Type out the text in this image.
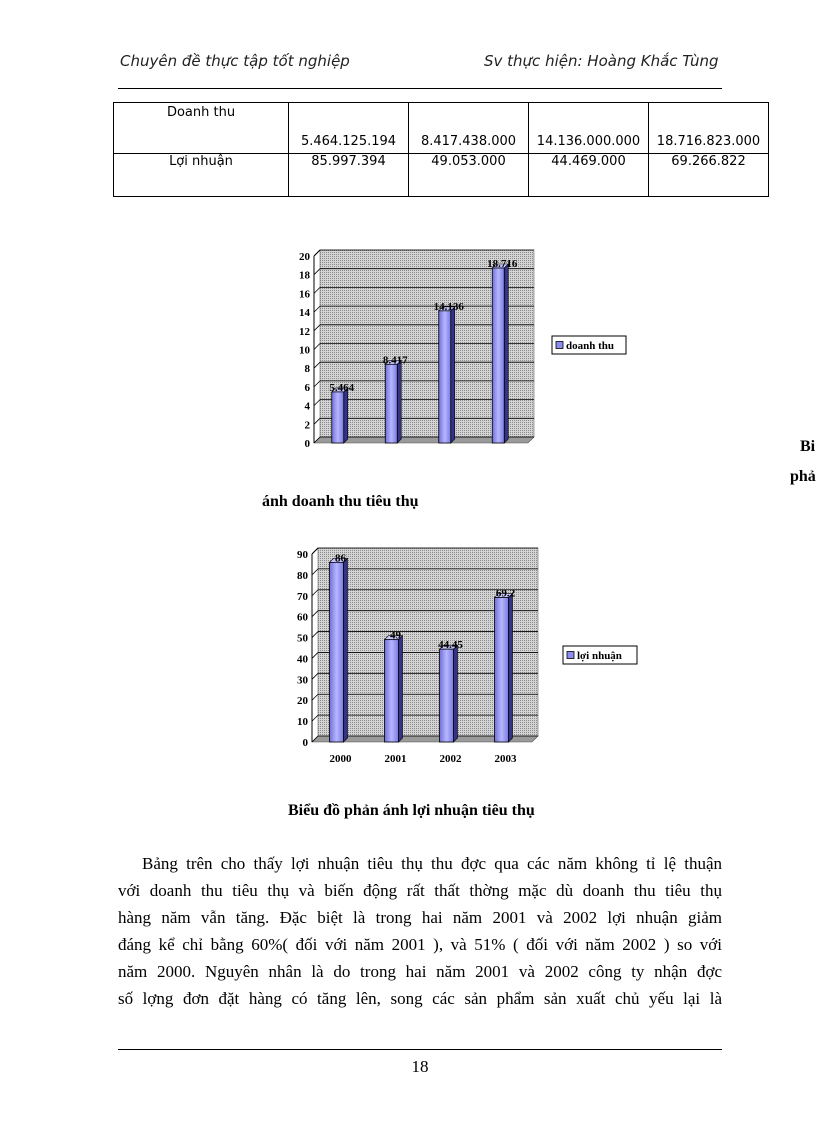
Chuyên đề thực tập tốt nghiệp	Sv thực hiện: Hoàng Khắc Tùng
Doanh thu	5.464.125.194	8.417.438.000	14.136.000.000	18.716.823.000
Lợi nhuận	85.997.394	49.053.000	44.469.000	69.266.822
0
2
4
6
8
10
12
14
16
18
20
5.464
8.417
14.136
18.716
doanh thu
ánh doanh thu tiêu thụ
Bi
phả
0
10
20
30
40
50
60
70
80
90 86
2000
49
2001
44.45
2002
69.2
2003
lợi nhuận
Biểu đồ phản ánh lợi nhuận tiêu thụ
Bảng trên cho thấy lợi nhuận tiêu thụ thu đợc qua các năm không tỉ lệ thuận
với doanh thu tiêu thụ và biến động rất thất thờng mặc dù doanh thu tiêu thụ
hàng năm vẫn tăng. Đặc biệt là trong hai năm 2001 và 2002 lợi nhuận giảm
đáng kể chỉ bằng 60%( đối với năm 2001 ), và 51% ( đối với năm 2002 ) so với
năm 2000. Nguyên nhân là do trong hai năm 2001 và 2002 công ty nhận đợc
số lợng đơn đặt hàng có tăng lên, song các sản phẩm sản xuất chủ yếu lại là
18
